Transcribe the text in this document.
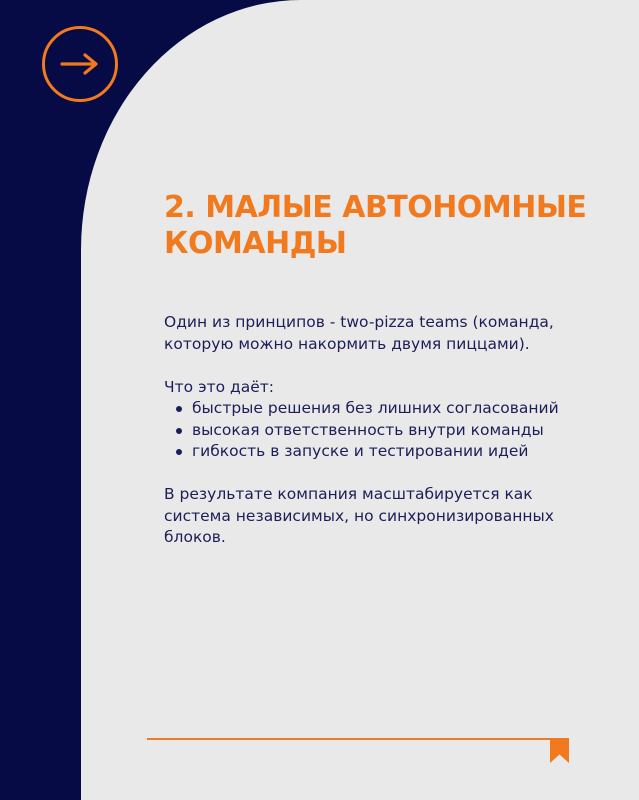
2. МАЛЫЕ АВТОНОМНЫЕ
КОМАНДЫ

Один из принципов - two-pizza teams (команда,
которую можно накормить двумя пиццами).

Что это даёт:

быстрые решения без лишних согласований
высокая ответственность внутри команды
гибкость в запуске и тестировании идей

В результате компания масштабируется как
система независимых, но синхронизированных
блоков.
